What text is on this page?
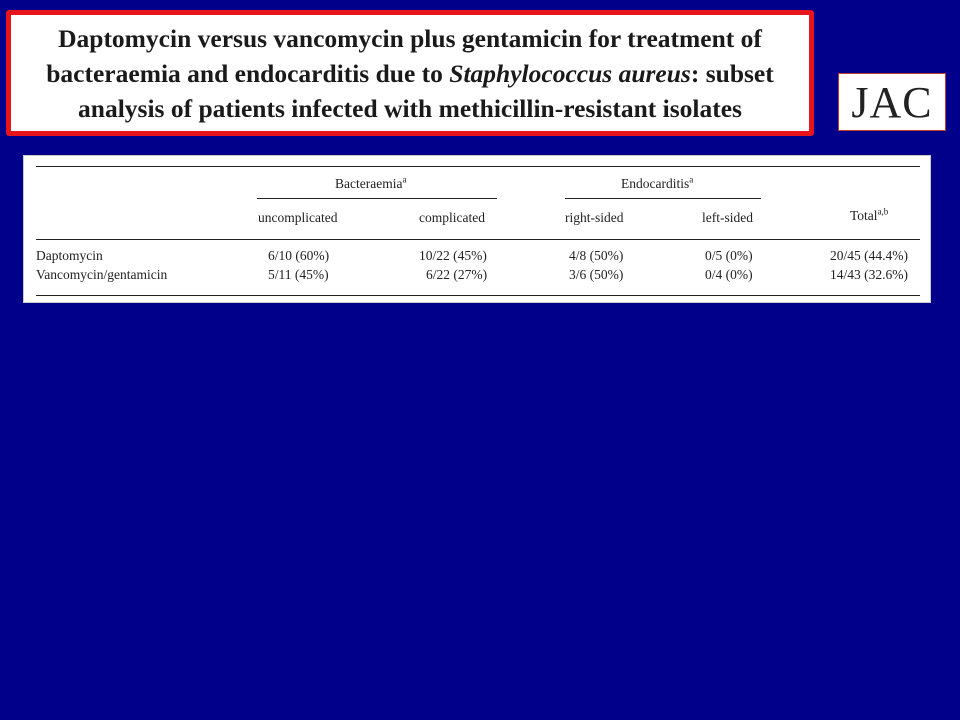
Daptomycin versus vancomycin plus gentamicin for treatment of bacteraemia and endocarditis due to Staphylococcus aureus: subset analysis of patients infected with methicillin-resistant isolates	JAC
Bacteraemia$^a$	Endocarditis$^a$
uncomplicated	complicated	right-sided	left-sided	Total$^{a,b}$
Daptomycin	6/10 (60%)	10/22 (45%)	4/8 (50%)	0/5 (0%)	20/45 (44.4%)
Vancomycin/gentamicin	5/11 (45%)	6/22 (27%)	3/6 (50%)	0/4 (0%)	14/43 (32.6%)
